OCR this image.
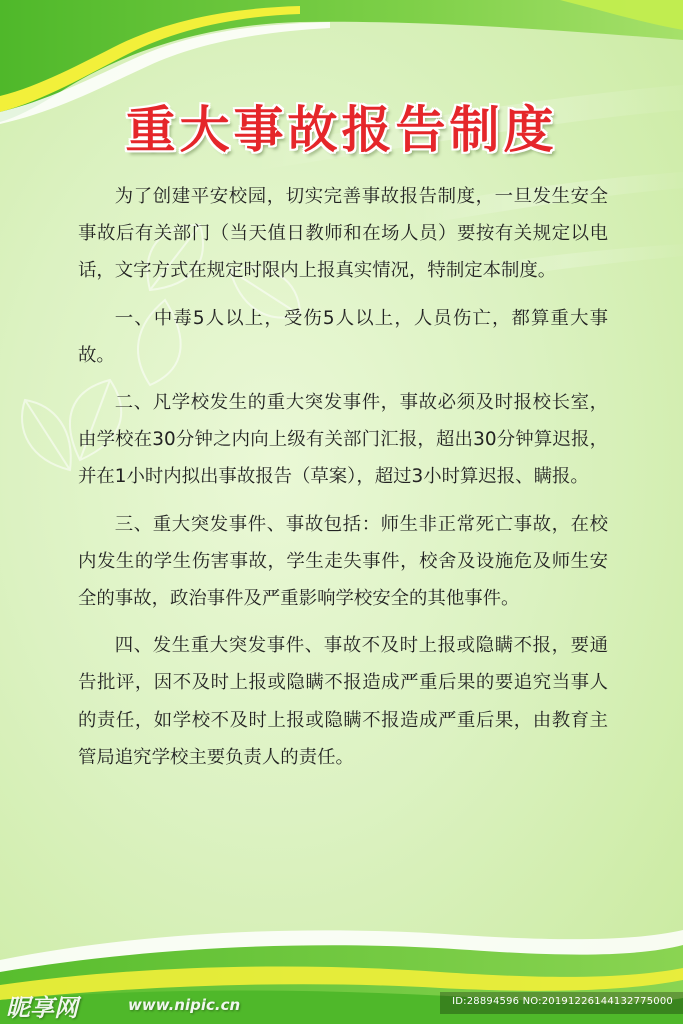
重大事故报告制度

为了创建平安校园，切实完善事故报告制度，一旦发生安全事故后有关部门（当天值日教师和在场人员）要按有关规定以电话，文字方式在规定时限内上报真实情况，特制定本制度。

一、中毒5人以上，受伤5人以上，人员伤亡，都算重大事故。

二、凡学校发生的重大突发事件，事故必须及时报校长室，由学校在30分钟之内向上级有关部门汇报，超出30分钟算迟报，并在1小时内拟出事故报告（草案），超过3小时算迟报、瞒报。

三、重大突发事件、事故包括：师生非正常死亡事故，在校内发生的学生伤害事故，学生走失事件，校舍及设施危及师生安全的事故，政治事件及严重影响学校安全的其他事件。

四、发生重大突发事件、事故不及时上报或隐瞒不报，要通告批评，因不及时上报或隐瞒不报造成严重后果的要追究当事人的责任，如学校不及时上报或隐瞒不报造成严重后果，由教育主管局追究学校主要负责人的责任。

昵享网	www.nipic.cn	ID:28894596 NO:20191226144132775000
